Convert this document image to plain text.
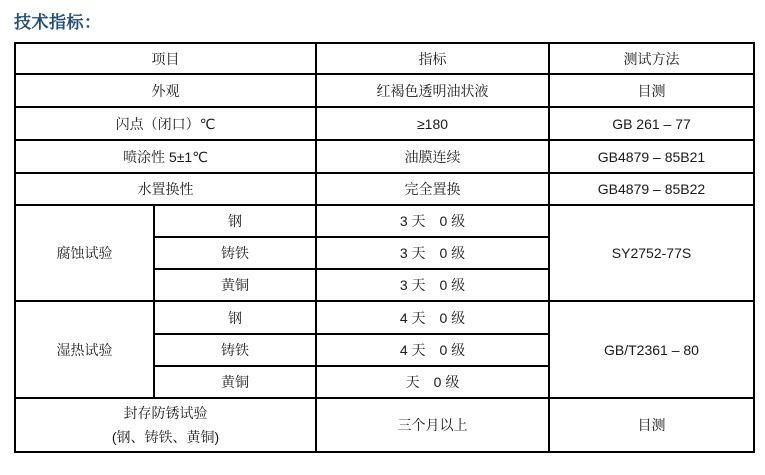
技术指标：
项目		指标	测试方法
外观		红褐色透明油状液	目测
闪点（闭口）℃		≥180	GB 261 – 77
喷涂性 5±1℃		油膜连续	GB4879 – 85B21
水置换性		完全置换	GB4879 – 85B22
腐蚀试验	钢	3 天　0 级	SY2752-77S
	铸铁	3 天　0 级	
	黄铜	3 天　0 级	
湿热试验	钢	4 天　0 级	GB/T2361 – 80
	铸铁	4 天　0 级	
	黄铜	天　0 级	

封存防锈试验
(钢、铸铁、黄铜)		三个月以上	目测
